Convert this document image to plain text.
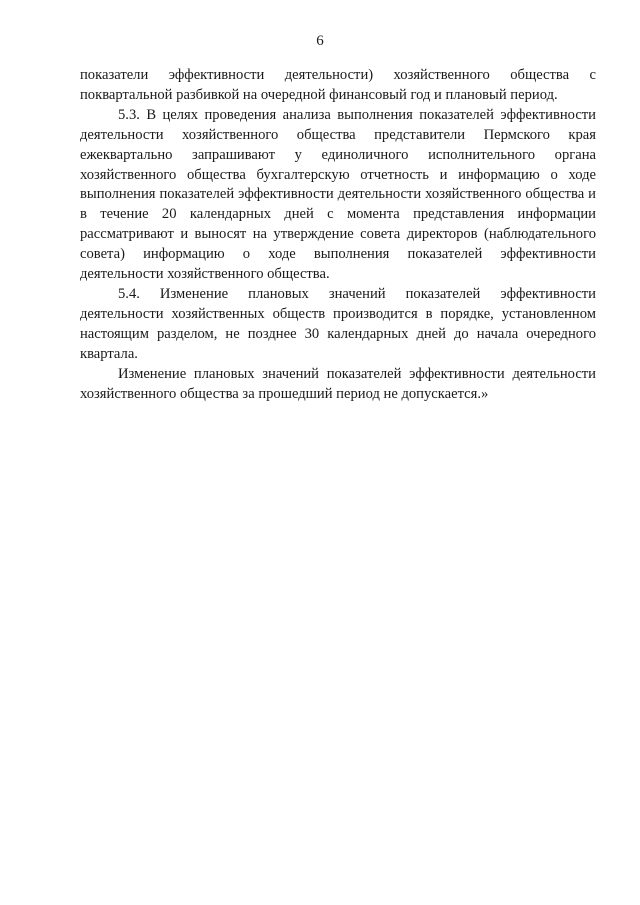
6

показатели эффективности деятельности) хозяйственного общества с поквартальной разбивкой на очередной финансовый год и плановый период.

5.3. В целях проведения анализа выполнения показателей эффективности деятельности хозяйственного общества представители Пермского края ежеквартально запрашивают у единоличного исполнительного органа хозяйственного общества бухгалтерскую отчетность и информацию о ходе выполнения показателей эффективности деятельности хозяйственного общества и в течение 20 календарных дней с момента представления информации рассматривают и выносят на утверждение совета директоров (наблюдательного совета) информацию о ходе выполнения показателей эффективности деятельности хозяйственного общества.

5.4. Изменение плановых значений показателей эффективности деятельности хозяйственных обществ производится в порядке, установленном настоящим разделом, не позднее 30 календарных дней до начала очередного квартала.

Изменение плановых значений показателей эффективности деятельности хозяйственного общества за прошедший период не допускается.»
